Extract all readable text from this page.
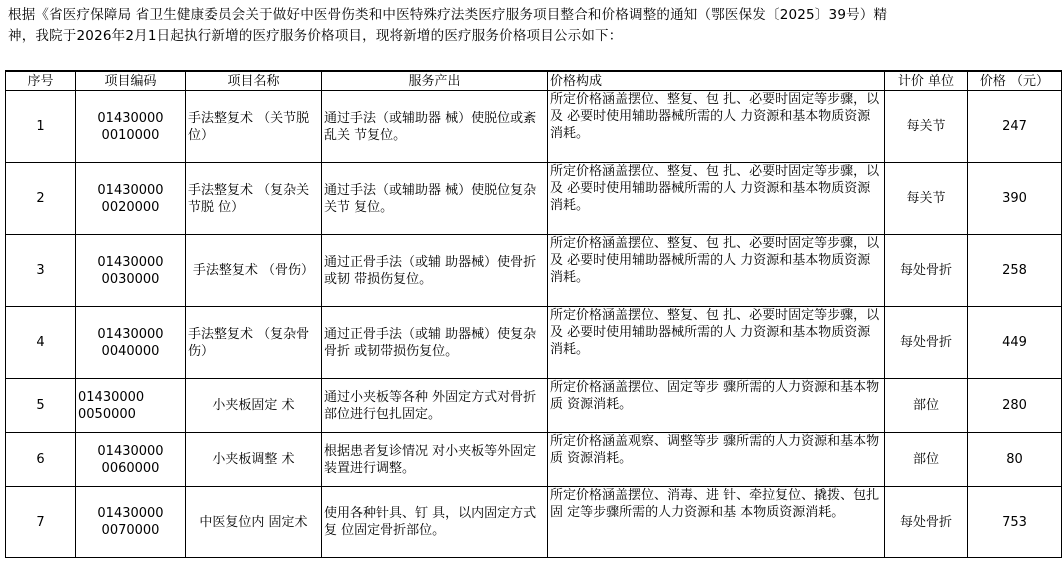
根据《省医疗保障局 省卫生健康委员会关于做好中医骨伤类和中医特殊疗法类医疗服务项目整合和价格调整的通知（鄂医保发〔2025〕39号）精
神，我院于2026年2月1日起执行新增的医疗服务价格项目，现将新增的医疗服务价格项目公示如下：
序号	项目编码	项目名称	服务产出	价格构成	计价 单位	价格 （元）
1	01430000
0010000	手法整复术 （关节脱位）	通过手法（或辅助器 械）使脱位或紊乱关 节复位。	所定价格涵盖摆位、整复、包 扎、必要时固定等步骤，以及 必要时使用辅助器械所需的人 力资源和基本物质资源消耗。	每关节	247
2	01430000
0020000	手法整复术 （复杂关节脱 位）	通过手法（或辅助器 械）使脱位复杂关节 复位。	所定价格涵盖摆位、整复、包 扎、必要时固定等步骤，以及 必要时使用辅助器械所需的人 力资源和基本物质资源消耗。	每关节	390
3	01430000
0030000	手法整复术 （骨伤）	通过正骨手法（或辅 助器械）使骨折或韧 带损伤复位。	所定价格涵盖摆位、整复、包 扎、必要时固定等步骤，以及 必要时使用辅助器械所需的人 力资源和基本物质资源消耗。	每处骨折	258
4	01430000
0040000	手法整复术 （复杂骨伤）	通过正骨手法（或辅 助器械）使复杂骨折 或韧带损伤复位。	所定价格涵盖摆位、整复、包 扎、必要时固定等步骤，以及 必要时使用辅助器械所需的人 力资源和基本物质资源消耗。	每处骨折	449
5	01430000
0050000	小夹板固定 术	通过小夹板等各种 外固定方式对骨折 部位进行包扎固定。	所定价格涵盖摆位、固定等步 骤所需的人力资源和基本物质 资源消耗。	部位	280
6	01430000
0060000	小夹板调整 术	根据患者复诊情况 对小夹板等外固定 装置进行调整。	所定价格涵盖观察、调整等步 骤所需的人力资源和基本物质 资源消耗。	部位	80
7	01430000
0070000	中医复位内 固定术	使用各种针具、钉 具，以内固定方式复 位固定骨折部位。	所定价格涵盖摆位、消毒、进 针、牵拉复位、撬拨、包扎固 定等步骤所需的人力资源和基 本物质资源消耗。	每处骨折	753
